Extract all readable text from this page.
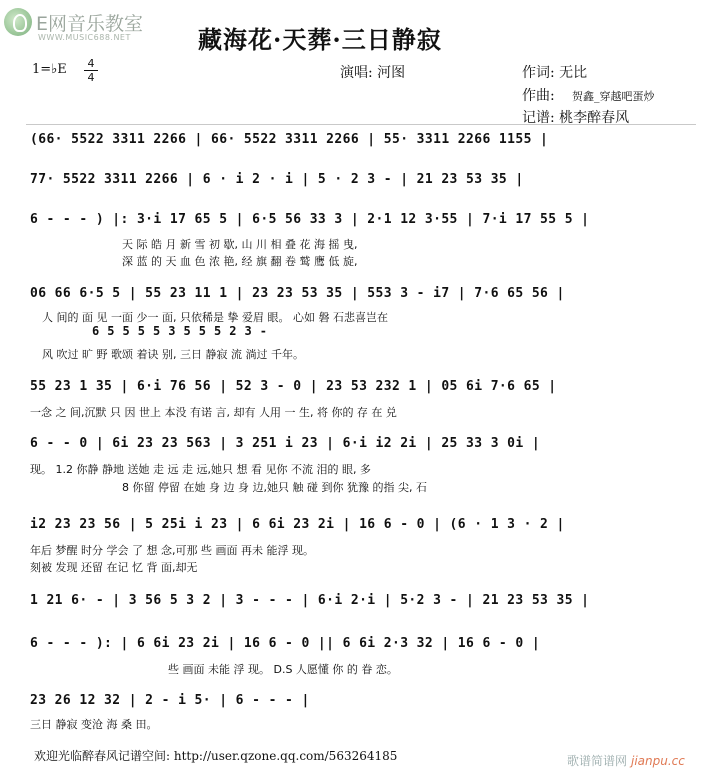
E网音乐教室
WWW.MUSIC688.NET	藏海花·天葬·三日静寂
1=♭E	4
4	演唱: 河图	作词: 无比
作曲: 贺鑫_穿越吧蛋炒
记谱: 桃李醉春风
(66· 5522 3311 2266 | 66· 5522 3311 2266 | 55· 3311 2266 1155 |
77· 5522 3311 2266 | 6 · i 2 · i | 5 · 2 3 - | 21 23 53 35 |
6 - - - ) |: 3·i 17 65 5 | 6·5 56 33 3 | 2·1 12 3·55 | 7·i 17 55 5 |
天 际 皓 月 新 雪 初 歇, 山 川 相 叠 花 海 摇 曳,
深 蓝 的 天 血 色 浓 艳, 经 旗 翻 卷 鹫 鹰 低 旋,
06 66 6·5 5 | 55 23 11 1 | 23 23 53 35 | 553 3 - i7 | 7·6 65 56 |
人 间的 面 见 一面 少一 面, 只依稀是 挚 爱眉 眼。 心如 磐 石悲喜岂在
6 5 5 5 5 3 5 5 5 2 3 -
风 吹过 旷 野 歌颂 着诀 别, 三日 静寂 流 淌过 千年。
55 23 1 35 | 6·i 76 56 | 52 3 - 0 | 23 53 232 1 | 05 6i 7·6 65 |
一念 之 间,沉默 只 因 世上 本没 有诺 言, 却有 人用 一 生, 将 你的 存 在 兑
6 - - 0 | 6i 23 23 563 | 3 251 i 23 | 6·i i2 2i | 25 33 3 0i |
现。 1.2 你静 静地 送她 走 远 走 远,她只 想 看 见你 不流 泪的 眼, 多
8 你留 停留 在她 身 边 身 边,她只 触 碰 到你 犹豫 的指 尖, 石
i2 23 23 56 | 5 25i i 23 | 6 6i 23 2i | 16 6 - 0 | (6 · 1 3 · 2 |
年后 梦醒 时分 学会 了 想 念,可那 些 画面 再未 能浮 现。
刻被 发现 还留 在记 忆 背 面,却无
1 21 6· - | 3 56 5 3 2 | 3 - - - | 6·i 2·i | 5·2 3 - | 21 23 53 35 |
6 - - - ): | 6 6i 23 2i | 16 6 - 0 || 6 6i 2·3 32 | 16 6 - 0 |
些 画面 未能 浮 现。 D.S 人愿懂 你 的 眷 恋。
23 26 12 32 | 2 - i 5· | 6 - - - |
三日 静寂 变沧 海 桑 田。
欢迎光临醉春风记谱空间: http://user.qzone.qq.com/563264185	歌谱简谱网 jianpu.cc
